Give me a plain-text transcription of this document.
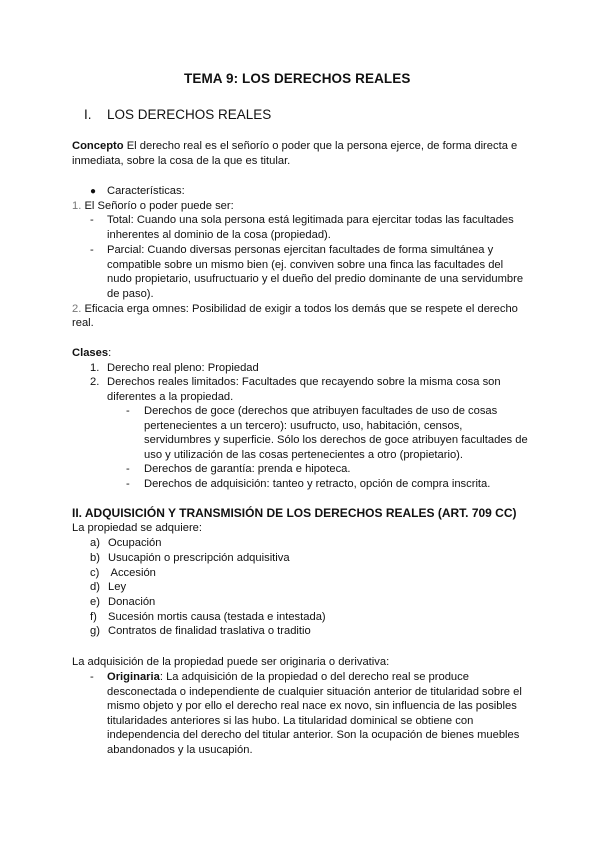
TEMA 9: LOS DERECHOS REALES
I. LOS DERECHOS REALES
Concepto El derecho real es el señorío o poder que la persona ejerce, de forma directa e
inmediata, sobre la cosa de la que es titular.
● Características:
1. El Señorío o poder puede ser:
- Total: Cuando una sola persona está legitimada para ejercitar todas las facultades
inherentes al dominio de la cosa (propiedad).
- Parcial: Cuando diversas personas ejercitan facultades de forma simultánea y
compatible sobre un mismo bien (ej. conviven sobre una finca las facultades del
nudo propietario, usufructuario y el dueño del predio dominante de una servidumbre
de paso).
2. Eficacia erga omnes: Posibilidad de exigir a todos los demás que se respete el derecho
real.
Clases:
1. Derecho real pleno: Propiedad
2. Derechos reales limitados: Facultades que recayendo sobre la misma cosa son
diferentes a la propiedad.
- Derechos de goce (derechos que atribuyen facultades de uso de cosas
pertenecientes a un tercero): usufructo, uso, habitación, censos,
servidumbres y superficie. Sólo los derechos de goce atribuyen facultades de
uso y utilización de las cosas pertenecientes a otro (propietario).
- Derechos de garantía: prenda e hipoteca.
- Derechos de adquisición: tanteo y retracto, opción de compra inscrita.
II. ADQUISICIÓN Y TRANSMISIÓN DE LOS DERECHOS REALES (ART. 709 CC)
La propiedad se adquiere:
a) Ocupación
b) Usucapión o prescripción adquisitiva
c) Accesión
d) Ley
e) Donación
f) Sucesión mortis causa (testada e intestada)
g) Contratos de finalidad traslativa o traditio
La adquisición de la propiedad puede ser originaria o derivativa:
- Originaria: La adquisición de la propiedad o del derecho real se produce
desconectada o independiente de cualquier situación anterior de titularidad sobre el
mismo objeto y por ello el derecho real nace ex novo, sin influencia de las posibles
titularidades anteriores si las hubo. La titularidad dominical se obtiene con
independencia del derecho del titular anterior. Son la ocupación de bienes muebles
abandonados y la usucapión.
